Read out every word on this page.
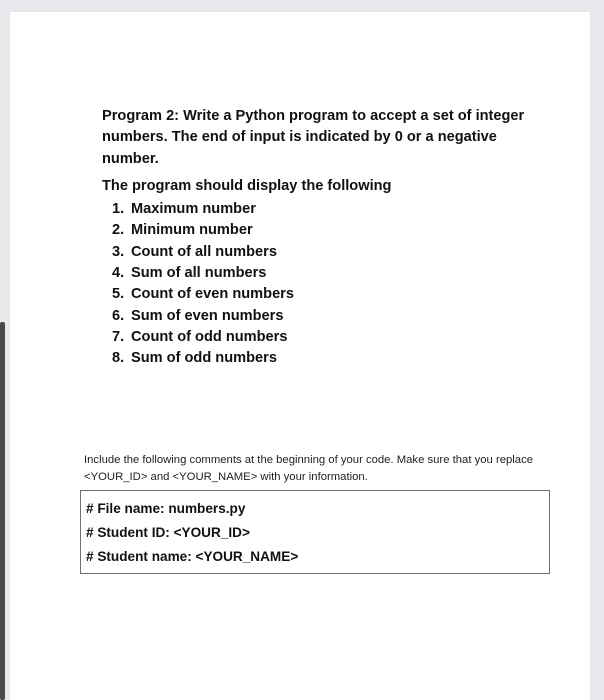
Program 2: Write a Python program to accept a set of integer numbers. The end of input is indicated by 0 or a negative number.

The program should display the following

1. Maximum number
2. Minimum number
3. Count of all numbers
4. Sum of all numbers
5. Count of even numbers
6. Sum of even numbers
7. Count of odd numbers
8. Sum of odd numbers

Include the following comments at the beginning of your code. Make sure that you replace <YOUR_ID> and <YOUR_NAME> with your information.

# File name: numbers.py
# Student ID: <YOUR_ID>
# Student name: <YOUR_NAME>
